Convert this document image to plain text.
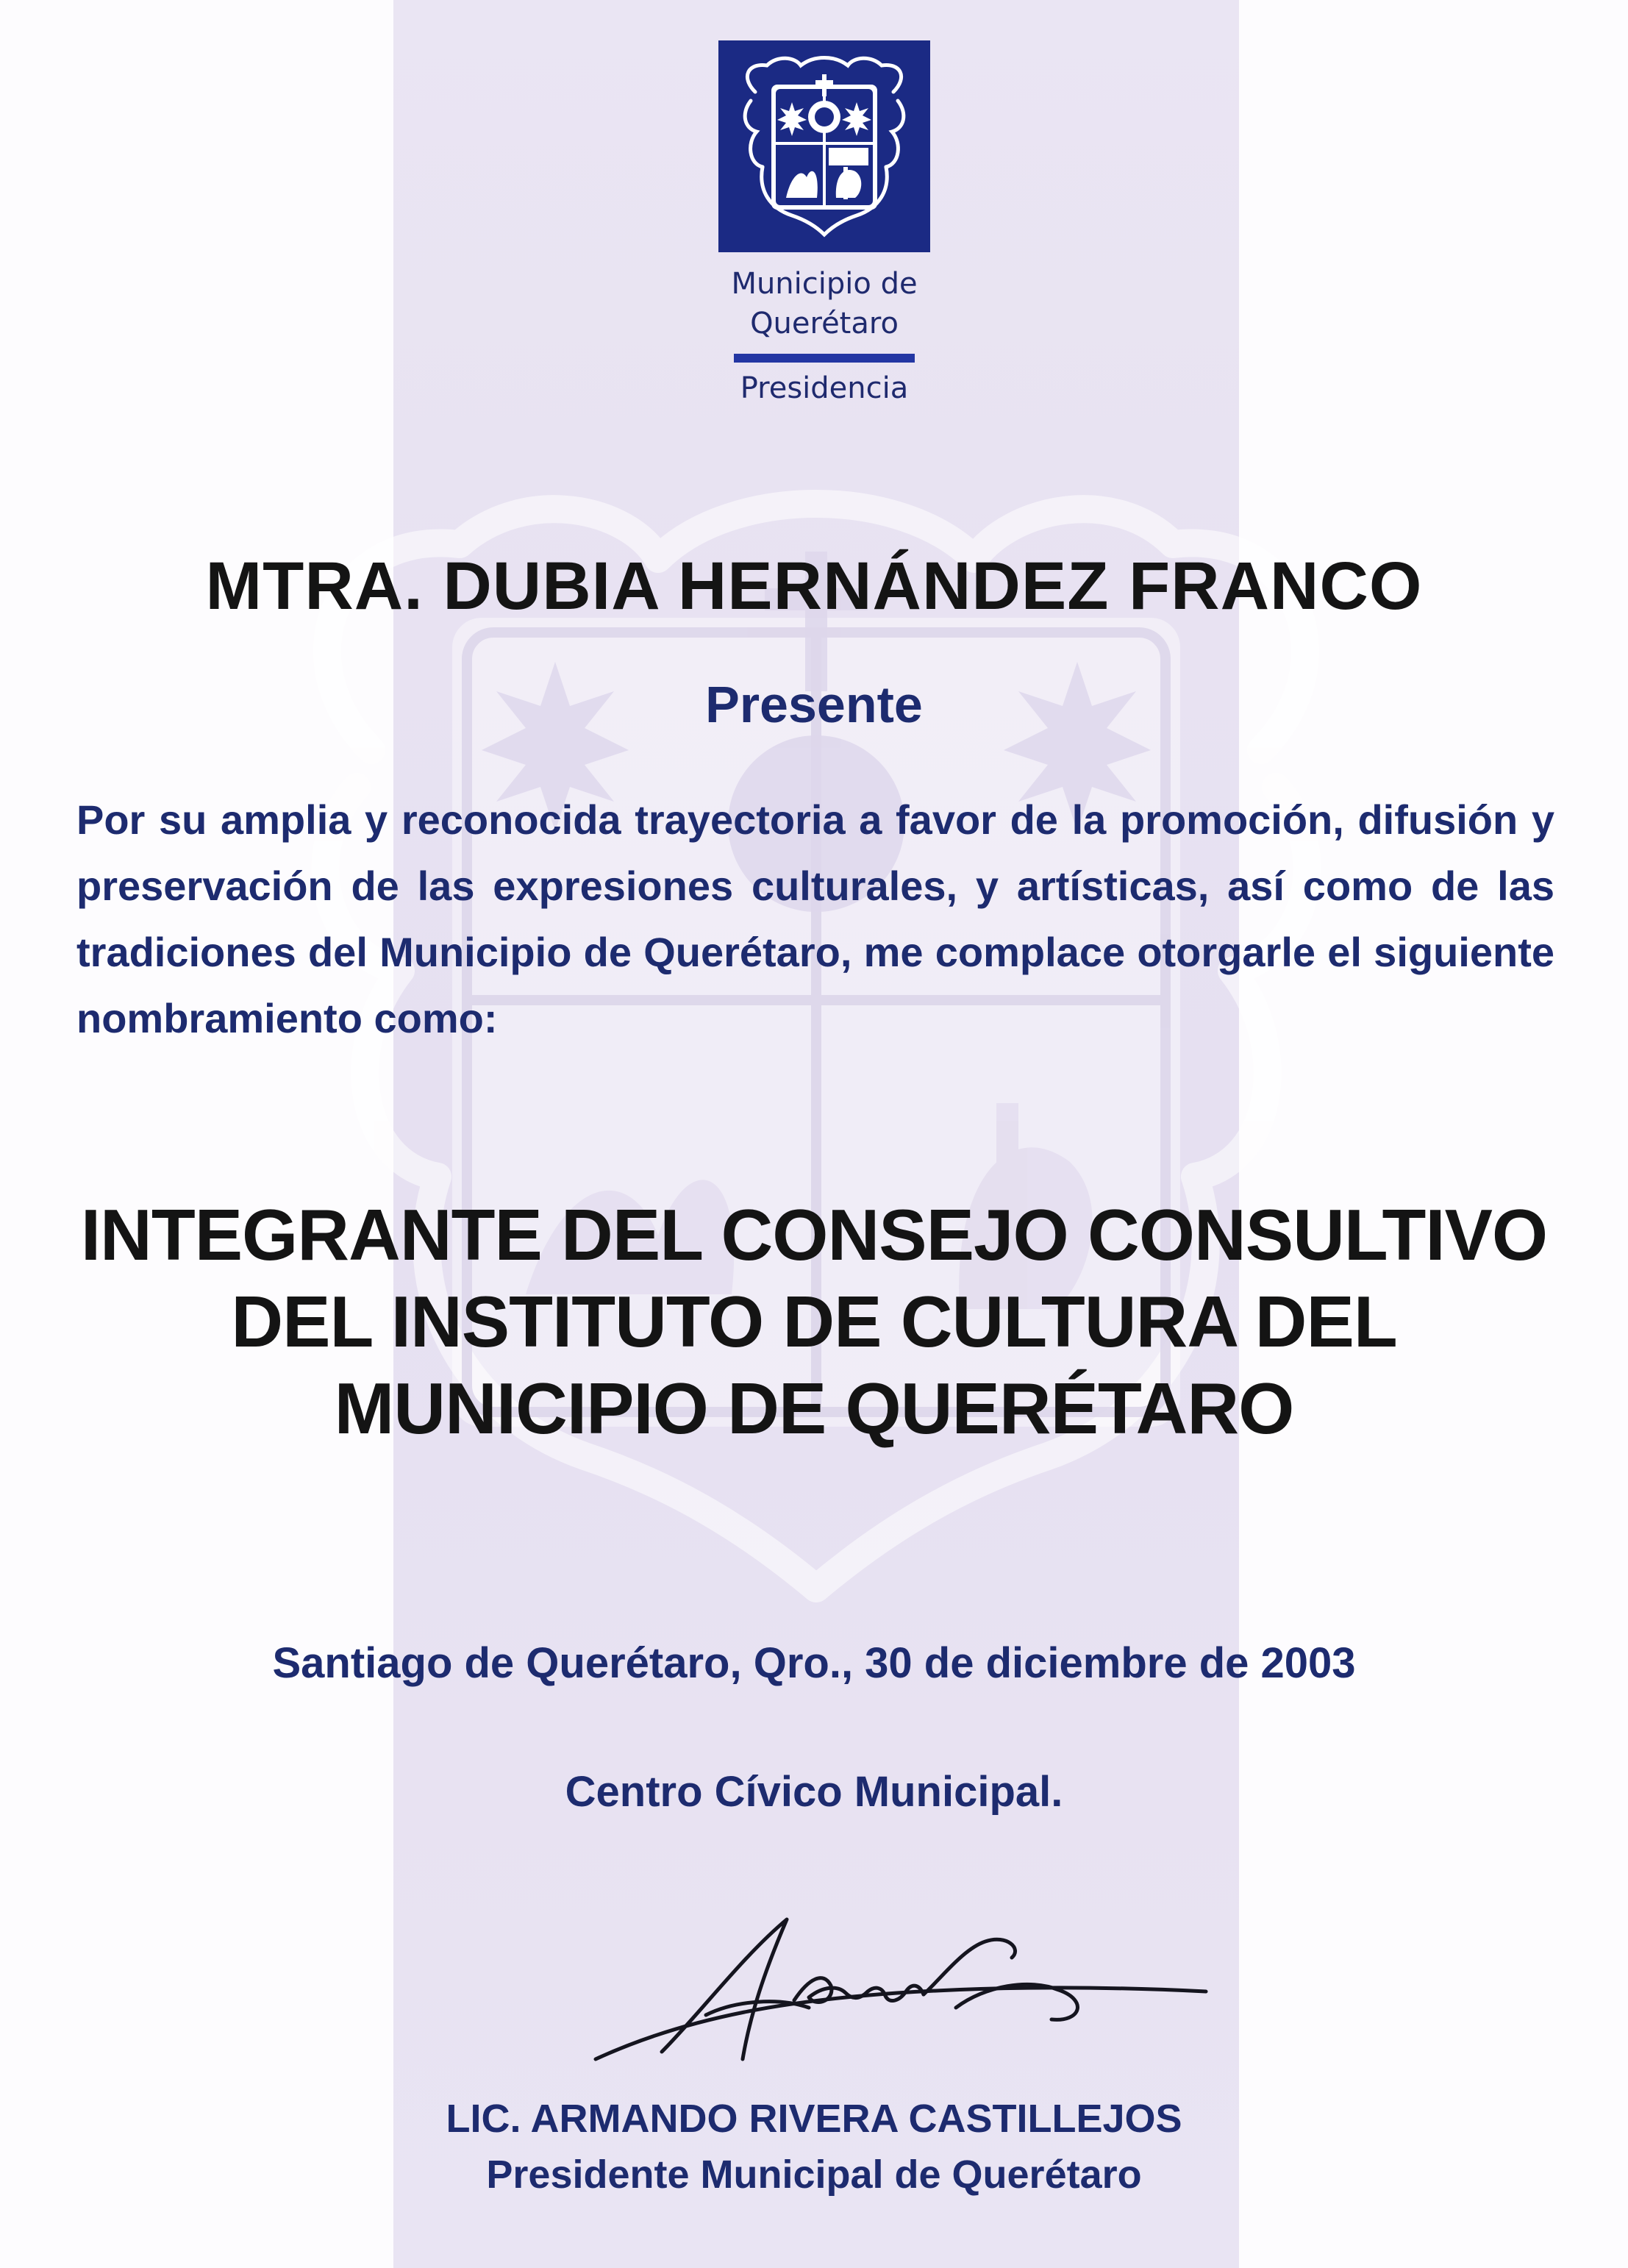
Municipio de
Querétaro
Presidencia
MTRA. DUBIA HERNÁNDEZ FRANCO
Presente
Por su amplia y reconocida trayectoria a favor de la promoción, difusión y preservación de las expresiones culturales, y artísticas, así como de las tradiciones del Municipio de Querétaro, me complace otorgarle el siguiente nombramiento como:
INTEGRANTE DEL CONSEJO CONSULTIVO
DEL INSTITUTO DE CULTURA DEL
MUNICIPIO DE QUERÉTARO
Santiago de Querétaro, Qro., 30 de diciembre de 2003
Centro Cívico Municipal.
LIC. ARMANDO RIVERA CASTILLEJOS
Presidente Municipal de Querétaro
